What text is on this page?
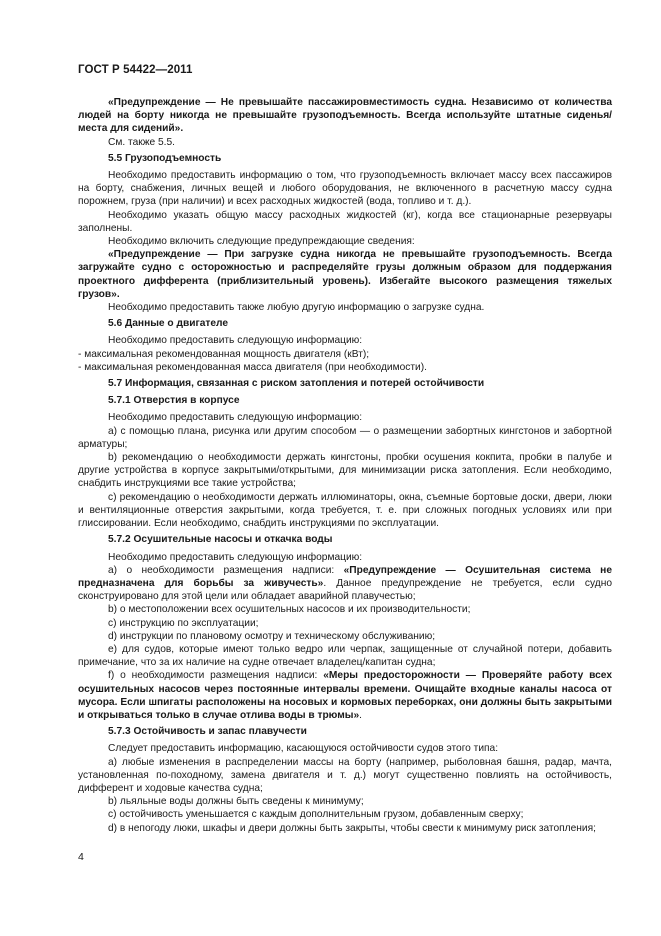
ГОСТ Р 54422—2011

«Предупреждение — Не превышайте пассажировместимость судна. Независимо от количества людей на борту никогда не превышайте грузоподъемность. Всегда используйте штатные сиденья/места для сидений».

См. также 5.5.

5.5 Грузоподъемность

Необходимо предоставить информацию о том, что грузоподъемность включает массу всех пассажиров на борту, снабжения, личных вещей и любого оборудования, не включенного в расчетную массу судна порожнем, груза (при наличии) и всех расходных жидкостей (вода, топливо и т. д.).

Необходимо указать общую массу расходных жидкостей (кг), когда все стационарные резервуары заполнены.

Необходимо включить следующие предупреждающие сведения:

«Предупреждение — При загрузке судна никогда не превышайте грузоподъемность. Всегда загружайте судно с осторожностью и распределяйте грузы должным образом для поддержания проектного дифферента (приблизительный уровень). Избегайте высокого размещения тяжелых грузов».

Необходимо предоставить также любую другую информацию о загрузке судна.

5.6 Данные о двигателе

Необходимо предоставить следующую информацию:

- максимальная рекомендованная мощность двигателя (кВт);

- максимальная рекомендованная масса двигателя (при необходимости).

5.7 Информация, связанная с риском затопления и потерей остойчивости

5.7.1 Отверстия в корпусе

Необходимо предоставить следующую информацию:

a) с помощью плана, рисунка или другим способом — о размещении забортных кингстонов и забортной арматуры;

b) рекомендацию о необходимости держать кингстоны, пробки осушения кокпита, пробки в палубе и другие устройства в корпусе закрытыми/открытыми, для минимизации риска затопления. Если необходимо, снабдить инструкциями все такие устройства;

c) рекомендацию о необходимости держать иллюминаторы, окна, съемные бортовые доски, двери, люки и вентиляционные отверстия закрытыми, когда требуется, т. е. при сложных погодных условиях или при глиссировании. Если необходимо, снабдить инструкциями по эксплуатации.

5.7.2 Осушительные насосы и откачка воды

Необходимо предоставить следующую информацию:

a) о необходимости размещения надписи: «Предупреждение — Осушительная система не предназначена для борьбы за живучесть». Данное предупреждение не требуется, если судно сконструировано для этой цели или обладает аварийной плавучестью;

b) о местоположении всех осушительных насосов и их производительности;

c) инструкцию по эксплуатации;

d) инструкции по плановому осмотру и техническому обслуживанию;

e) для судов, которые имеют только ведро или черпак, защищенные от случайной потери, добавить примечание, что за их наличие на судне отвечает владелец/капитан судна;

f) о необходимости размещения надписи: «Меры предосторожности — Проверяйте работу всех осушительных насосов через постоянные интервалы времени. Очищайте входные каналы насоса от мусора. Если шпигаты расположены на носовых и кормовых переборках, они должны быть закрытыми и открываться только в случае отлива воды в трюмы».

5.7.3 Остойчивость и запас плавучести

Следует предоставить информацию, касающуюся остойчивости судов этого типа:

a) любые изменения в распределении массы на борту (например, рыболовная башня, радар, мачта, установленная по-походному, замена двигателя и т. д.) могут существенно повлиять на остойчивость, дифферент и ходовые качества судна;

b) льяльные воды должны быть сведены к минимуму;

c) остойчивость уменьшается с каждым дополнительным грузом, добавленным сверху;

d) в непогоду люки, шкафы и двери должны быть закрыты, чтобы свести к минимуму риск затопления;

4
